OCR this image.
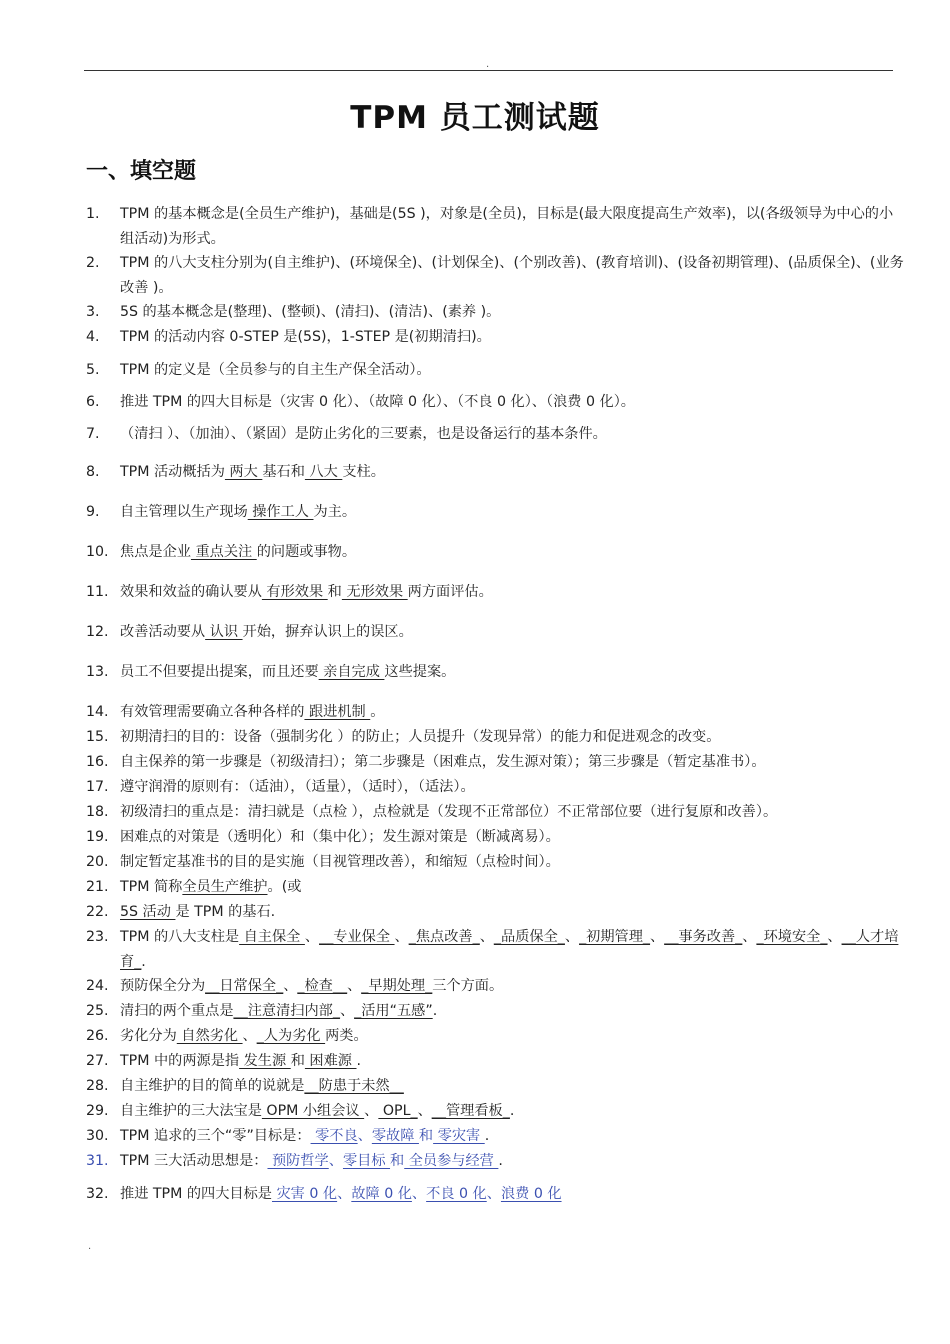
.
TPM 员工测试题
一、填空题
1.	TPM 的基本概念是(全员生产维护)，基础是(5S )，对象是(全员)，目标是(最大限度提高生产效率)，以(各级领导为中心的小组活动)为形式。
2.	TPM 的八大支柱分别为(自主维护)、(环境保全)、(计划保全)、(个别改善)、(教育培训)、(设备初期管理)、(品质保全)、(业务改善 )。
3.	5S 的基本概念是(整理)、(整顿)、(清扫)、(清洁)、(素养 )。
4.	TPM 的活动内容 0-STEP 是(5S)，1-STEP 是(初期清扫)。
5.	TPM 的定义是（全员参与的自主生产保全活动）。
6.	推进 TPM 的四大目标是（灾害 0 化）、（故障 0 化）、（不良 0 化）、（浪费 0 化）。
7.	（清扫 ）、（加油）、（紧固）是防止劣化的三要素，也是设备运行的基本条件。
8.	TPM 活动概括为 两大 基石和 八大 支柱。
9.	自主管理以生产现场 操作工人 为主。
10. 焦点是企业 重点关注 的问题或事物。
11. 效果和效益的确认要从 有形效果 和 无形效果 两方面评估。
12. 改善活动要从 认识 开始，摒弃认识上的误区。
13. 员工不但要提出提案，而且还要 亲自完成 这些提案。
14. 有效管理需要确立各种各样的 跟进机制 。
15. 初期清扫的目的：设备（强制劣化 ）的防止；人员提升（发现异常）的能力和促进观念的改变。
16. 自主保养的第一步骤是（初级清扫）；第二步骤是（困难点，发生源对策）；第三步骤是（暂定基准书）。
17. 遵守润滑的原则有：（适油），（适量），（适时），（适法）。
18. 初级清扫的重点是：清扫就是（点检 ），点检就是（发现不正常部位）不正常部位要（进行复原和改善）。
19. 困难点的对策是（透明化）和（集中化）；发生源对策是（断减离易）。
20. 制定暂定基准书的目的是实施（目视管理改善），和缩短（点检时间）。
21. TPM 简称全员生产维护。(或
22. 5S 活动 是 TPM 的基石.
23. TPM 的八大支柱是 自主保全 、__专业保全 、_焦点改善_、_品质保全_、_初期管理_、__事务改善_、_环境安全_、__人才培育_.
24. 预防保全分为__日常保全_、_检查__、_早期处理_三个方面。
25. 清扫的两个重点是__注意清扫内部_、_活用“五感”.
26. 劣化分为 自然劣化 、_人为劣化 两类。
27. TPM 中的两源是指 发生源 和 困难源 .
28. 自主维护的目的简单的说就是__防患于未然__
29. 自主维护的三大法宝是 OPM 小组会议 、 OPL_、__管理看板_.
30. TPM 追求的三个“零”目标是： 零不良、零故障 和 零灾害 .
31. TPM 三大活动思想是： 预防哲学、零目标 和 全员参与经营 .
32. 推进 TPM 的四大目标是 灾害 0 化、故障 0 化、不良 0 化、浪费 0 化
.
